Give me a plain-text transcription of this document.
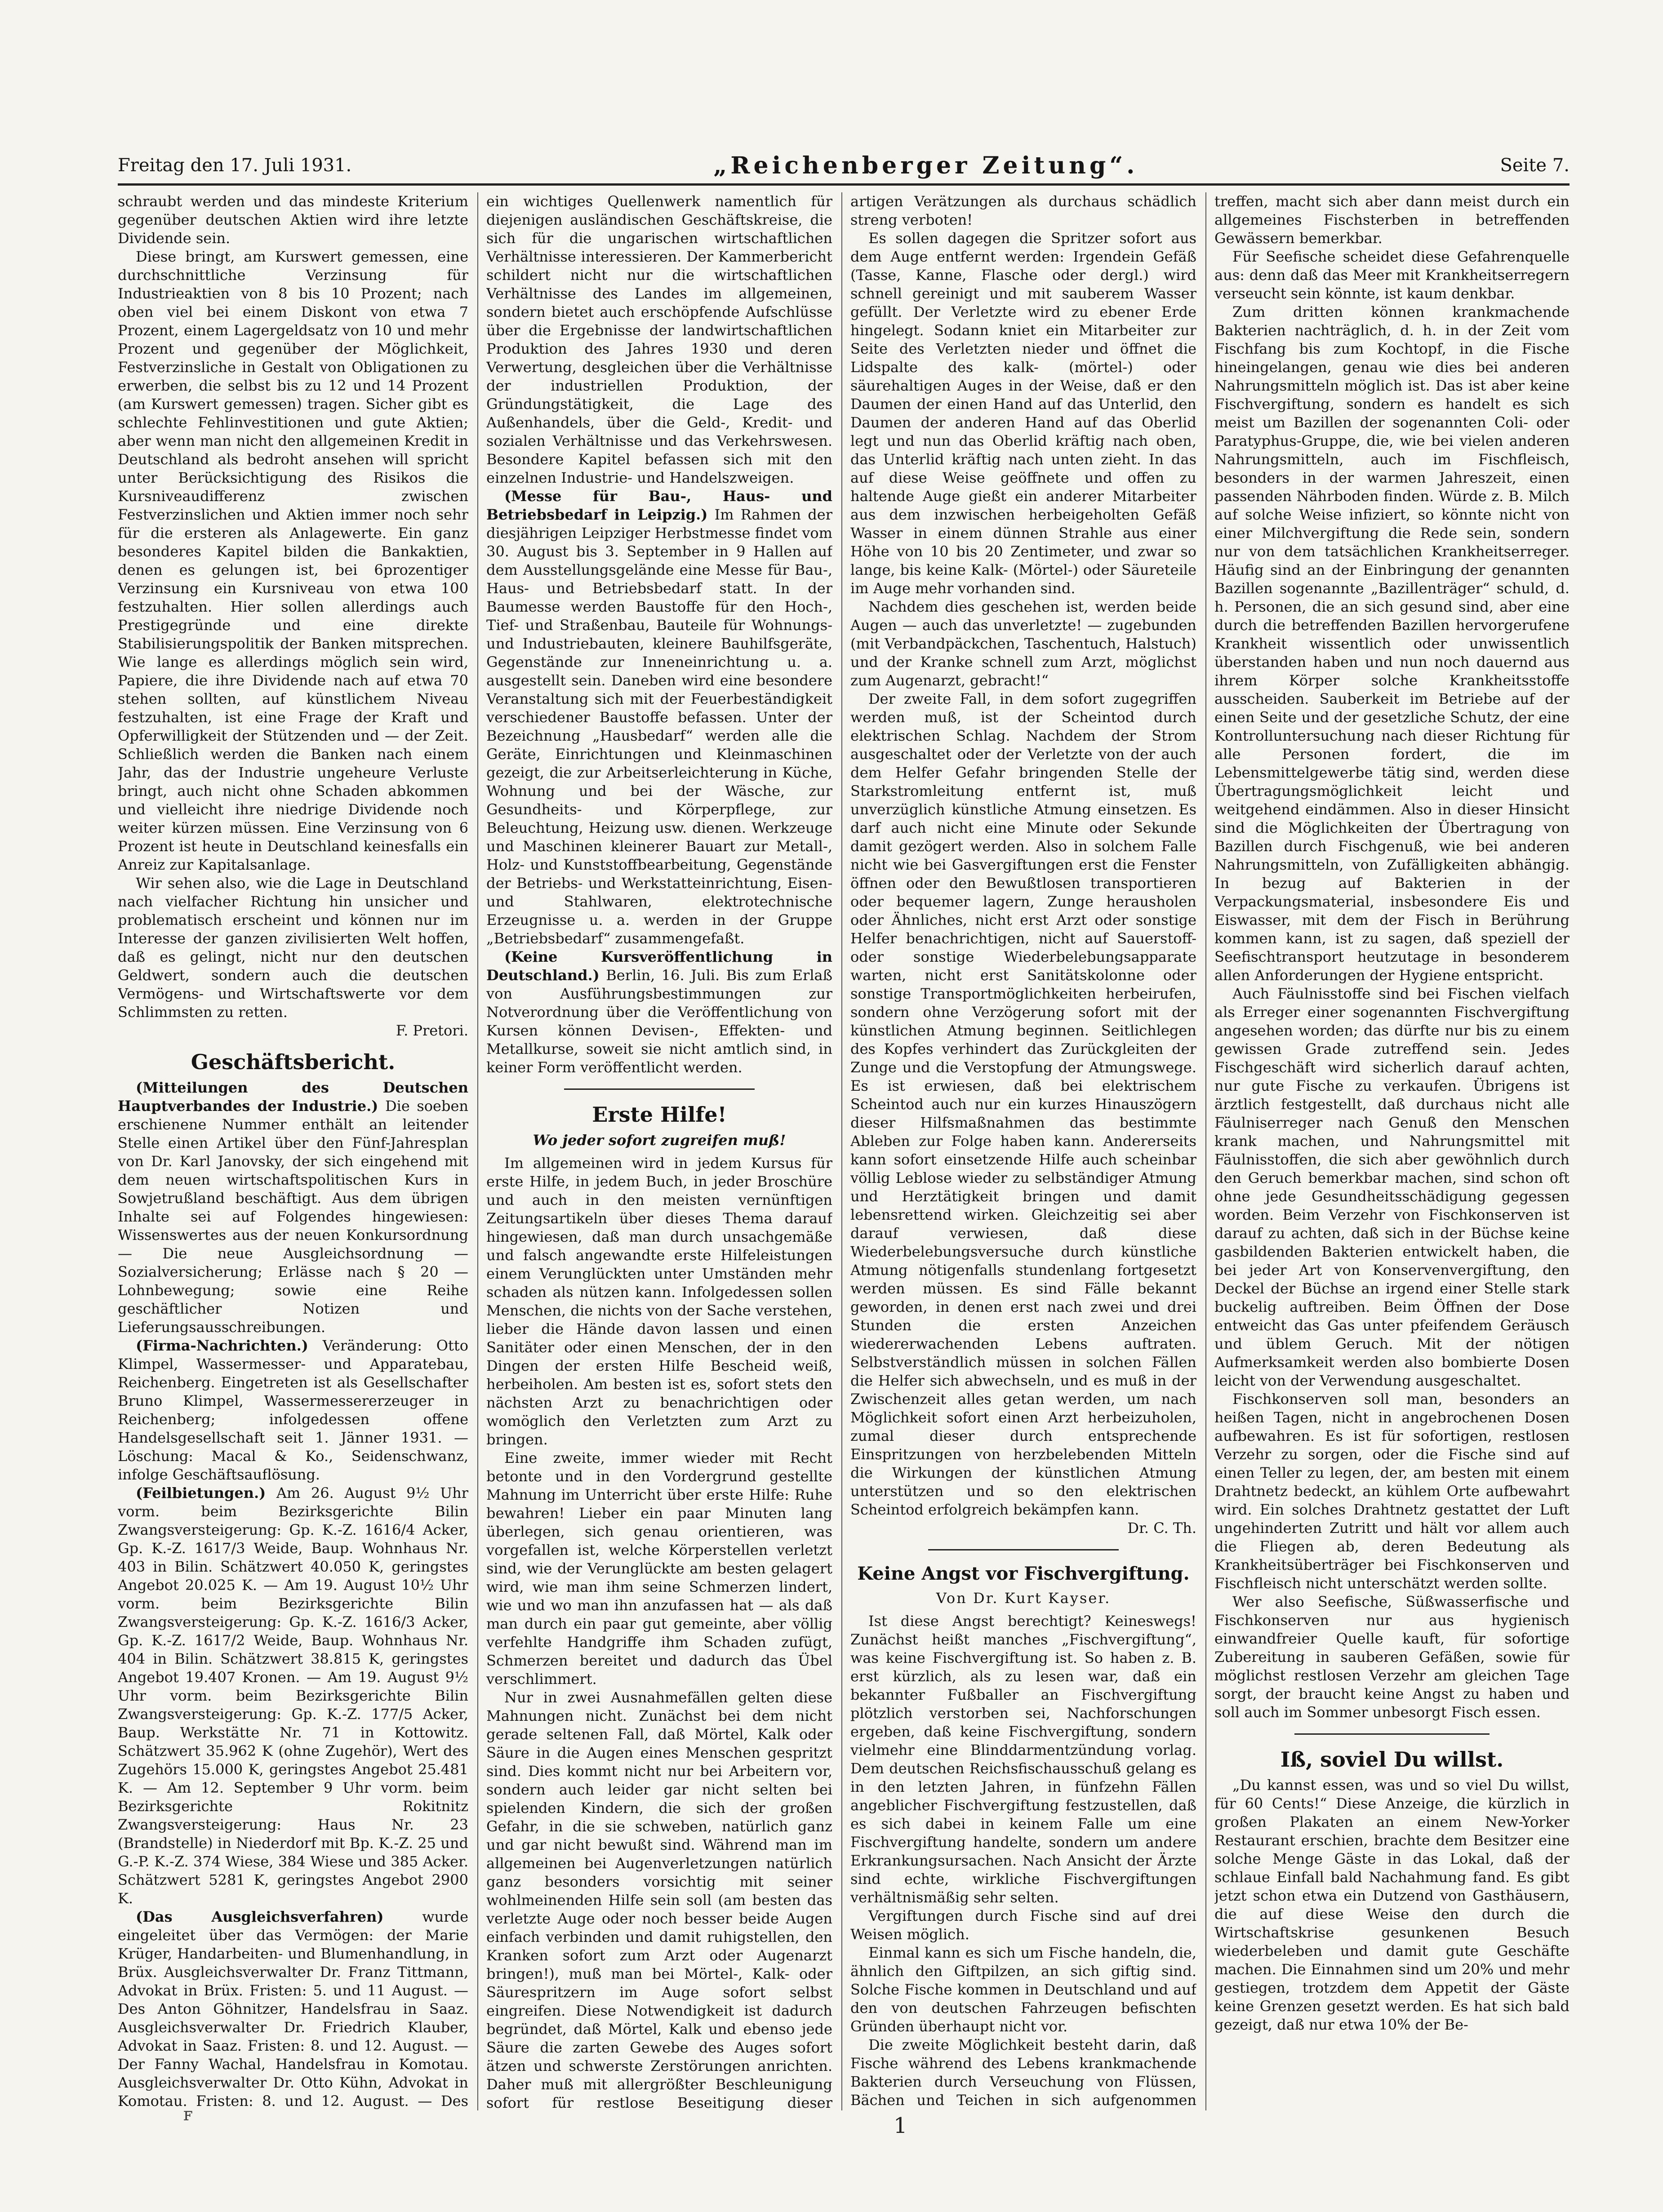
Freitag den 17. Juli 1931.	„Reichenberger Zeitung“.	Seite 7.

schraubt werden und das mindeste Kriterium gegenüber deutschen Aktien wird ihre letzte Dividende sein.

Diese bringt, am Kurswert gemessen, eine durchschnittliche Verzinsung für Industrieaktien von 8 bis 10 Prozent; nach oben viel bei einem Diskont von etwa 7 Prozent, einem Lagergeldsatz von 10 und mehr Prozent und gegenüber der Möglichkeit, Festverzinsliche in Gestalt von Obligationen zu erwerben, die selbst bis zu 12 und 14 Prozent (am Kurswert gemessen) tragen. Sicher gibt es schlechte Fehlinvestitionen und gute Aktien; aber wenn man nicht den allgemeinen Kredit in Deutschland als bedroht ansehen will spricht unter Berücksichtigung des Risikos die Kursniveaudifferenz zwischen Festverzinslichen und Aktien immer noch sehr für die ersteren als Anlagewerte. Ein ganz besonderes Kapitel bilden die Bankaktien, denen es gelungen ist, bei 6prozentiger Verzinsung ein Kursniveau von etwa 100 festzuhalten. Hier sollen allerdings auch Prestigegründe und eine direkte Stabilisierungspolitik der Banken mitsprechen. Wie lange es allerdings möglich sein wird, Papiere, die ihre Dividende nach auf etwa 70 stehen sollten, auf künstlichem Niveau festzuhalten, ist eine Frage der Kraft und Opferwilligkeit der Stützenden und — der Zeit. Schließlich werden die Banken nach einem Jahr, das der Industrie ungeheure Verluste bringt, auch nicht ohne Schaden abkommen und vielleicht ihre niedrige Dividende noch weiter kürzen müssen. Eine Verzinsung von 6 Prozent ist heute in Deutschland keinesfalls ein Anreiz zur Kapitalsanlage.

Wir sehen also, wie die Lage in Deutschland nach vielfacher Richtung hin unsicher und problematisch erscheint und können nur im Interesse der ganzen zivilisierten Welt hoffen, daß es gelingt, nicht nur den deutschen Geldwert, sondern auch die deutschen Vermögens- und Wirtschaftswerte vor dem Schlimmsten zu retten.

F. Pretori.

Geschäftsbericht.

(Mitteilungen des Deutschen Hauptverbandes der Industrie.) Die soeben erschienene Nummer enthält an leitender Stelle einen Artikel über den Fünf-Jahresplan von Dr. Karl Janovsky, der sich eingehend mit dem neuen wirtschaftspolitischen Kurs in Sowjetrußland beschäftigt. Aus dem übrigen Inhalte sei auf Folgendes hingewiesen: Wissenswertes aus der neuen Konkursordnung — Die neue Ausgleichsordnung — Sozialversicherung; Erlässe nach § 20 — Lohnbewegung; sowie eine Reihe geschäftlicher Notizen und Lieferungsausschreibungen.

(Firma-Nachrichten.) Veränderung: Otto Klimpel, Wassermesser- und Apparatebau, Reichenberg. Eingetreten ist als Gesellschafter Bruno Klimpel, Wassermessererzeuger in Reichenberg; infolgedessen offene Handelsgesellschaft seit 1. Jänner 1931. — Löschung: Macal & Ko., Seidenschwanz, infolge Geschäftsauflösung.

(Feilbietungen.) Am 26. August 9½ Uhr vorm. beim Bezirksgerichte Bilin Zwangsversteigerung: Gp. K.-Z. 1616/4 Acker, Gp. K.-Z. 1617/3 Weide, Baup. Wohnhaus Nr. 403 in Bilin. Schätzwert 40.050 K, geringstes Angebot 20.025 K. — Am 19. August 10½ Uhr vorm. beim Bezirksgerichte Bilin Zwangsversteigerung: Gp. K.-Z. 1616/3 Acker, Gp. K.-Z. 1617/2 Weide, Baup. Wohnhaus Nr. 404 in Bilin. Schätzwert 38.815 K, geringstes Angebot 19.407 Kronen. — Am 19. August 9½ Uhr vorm. beim Bezirksgerichte Bilin Zwangsversteigerung: Gp. K.-Z. 177/5 Acker, Baup. Werkstätte Nr. 71 in Kottowitz. Schätzwert 35.962 K (ohne Zugehör), Wert des Zugehörs 15.000 K, geringstes Angebot 25.481 K. — Am 12. September 9 Uhr vorm. beim Bezirksgerichte Rokitnitz Zwangsversteigerung: Haus Nr. 23 (Brandstelle) in Niederdorf mit Bp. K.-Z. 25 und G.-P. K.-Z. 374 Wiese, 384 Wiese und 385 Acker. Schätzwert 5281 K, geringstes Angebot 2900 K.

(Das Ausgleichsverfahren)	wurde eingeleitet über das Vermögen: der Marie Krüger, Handarbeiten- und Blumenhandlung, in Brüx. Ausgleichsverwalter Dr. Franz Tittmann, Advokat in Brüx. Fristen: 5. und 11 August. — Des Anton Göhnitzer, Handelsfrau in Saaz. Ausgleichsverwalter Dr. Friedrich Klauber, Advokat in Saaz. Fristen: 8. und 12. August. — Der Fanny Wachal, Handelsfrau in Komotau. Ausgleichsverwalter Dr. Otto Kühn, Advokat in Komotau. Fristen: 8. und 12. August. — Des

ein wichtiges Quellenwerk namentlich für diejenigen ausländischen Geschäftskreise, die sich für die ungarischen wirtschaftlichen Verhältnisse interessieren. Der Kammerbericht schildert nicht nur die wirtschaftlichen Verhältnisse des Landes im allgemeinen, sondern bietet auch erschöpfende Aufschlüsse über die Ergebnisse der landwirtschaftlichen Produktion des Jahres 1930 und deren Verwertung, desgleichen über die Verhältnisse der industriellen Produktion, der Gründungstätigkeit, die Lage des Außenhandels, über die Geld-, Kredit- und sozialen Verhältnisse und das Verkehrswesen. Besondere Kapitel befassen sich mit den einzelnen Industrie- und Handelszweigen.

(Messe für Bau-, Haus- und Betriebsbedarf in Leipzig.) Im Rahmen der diesjährigen Leipziger Herbstmesse findet vom 30. August bis 3. September in 9 Hallen auf dem Ausstellungsgelände eine Messe für Bau-, Haus- und Betriebsbedarf statt. In der Baumesse werden Baustoffe für den Hoch-, Tief- und Straßenbau, Bauteile für Wohnungs- und Industriebauten, kleinere Bauhilfsgeräte, Gegenstände zur Inneneinrichtung u. a. ausgestellt sein. Daneben wird eine besondere Veranstaltung sich mit der Feuerbeständigkeit verschiedener Baustoffe befassen. Unter der Bezeichnung „Hausbedarf“ werden alle die Geräte, Einrichtungen und Kleinmaschinen gezeigt, die zur Arbeitserleichterung in Küche, Wohnung und bei der Wäsche, zur Gesundheits- und Körperpflege, zur Beleuchtung, Heizung usw. dienen. Werkzeuge und Maschinen kleinerer Bauart zur Metall-, Holz- und Kunststoffbearbeitung, Gegenstände der Betriebs- und Werkstatteinrichtung, Eisen- und Stahlwaren, elektrotechnische Erzeugnisse u. a. werden in der Gruppe „Betriebsbedarf“ zusammengefaßt.

(Keine Kursveröffentlichung in Deutschland.) Berlin, 16. Juli. Bis zum Erlaß von Ausführungsbestimmungen zur Notverordnung über die Veröffentlichung von Kursen können Devisen-, Effekten- und Metallkurse, soweit sie nicht amtlich sind, in keiner Form veröffentlicht werden.

Erste Hilfe!

Wo jeder sofort zugreifen muß!

Im allgemeinen wird in jedem Kursus für erste Hilfe, in jedem Buch, in jeder Broschüre und auch in den meisten vernünftigen Zeitungsartikeln über dieses Thema darauf hingewiesen, daß man durch unsachgemäße und falsch angewandte erste Hilfeleistungen einem Verunglückten unter Umständen mehr schaden als nützen kann. Infolgedessen sollen Menschen, die nichts von der Sache verstehen, lieber die Hände davon lassen und einen Sanitäter oder einen Menschen, der in den Dingen der ersten Hilfe Bescheid weiß, herbeiholen. Am besten ist es, sofort stets den nächsten Arzt zu benachrichtigen oder womöglich den Verletzten zum Arzt zu bringen.

Eine zweite, immer wieder mit Recht betonte und in den Vordergrund gestellte Mahnung im Unterricht über erste Hilfe: Ruhe bewahren! Lieber ein paar Minuten lang überlegen, sich genau orientieren, was vorgefallen ist, welche Körperstellen verletzt sind, wie der Verunglückte am besten gelagert wird, wie man ihm seine Schmerzen lindert, wie und wo man ihn anzufassen hat — als daß man durch ein paar gut gemeinte, aber völlig verfehlte Handgriffe ihm Schaden zufügt, Schmerzen bereitet und dadurch das Übel verschlimmert.

Nur in zwei Ausnahmefällen gelten diese Mahnungen nicht. Zunächst bei dem nicht gerade seltenen Fall, daß Mörtel, Kalk oder Säure in die Augen eines Menschen gespritzt sind. Dies kommt nicht nur bei Arbeitern vor, sondern auch leider gar nicht selten bei spielenden Kindern, die sich der großen Gefahr, in die sie schweben, natürlich ganz und gar nicht bewußt sind. Während man im allgemeinen bei Augenverletzungen natürlich ganz besonders vorsichtig mit seiner wohlmeinenden Hilfe sein soll (am besten das verletzte Auge oder noch besser beide Augen einfach verbinden und damit ruhigstellen, den Kranken sofort zum Arzt oder Augenarzt bringen!), muß man bei Mörtel-, Kalk- oder Säurespritzern im Auge sofort selbst eingreifen. Diese Notwendigkeit ist dadurch begründet, daß Mörtel, Kalk und ebenso jede Säure die zarten Gewebe des Auges sofort ätzen und schwerste Zerstörungen anrichten. Daher muß mit allergrößter Beschleunigung sofort für restlose Beseitigung dieser

artigen Verätzungen als durchaus schädlich streng verboten!

Es sollen dagegen die Spritzer sofort aus dem Auge entfernt werden: Irgendein Gefäß (Tasse, Kanne, Flasche oder dergl.) wird schnell gereinigt und mit sauberem Wasser gefüllt. Der Verletzte wird zu ebener Erde hingelegt. Sodann kniet ein Mitarbeiter zur Seite des Verletzten nieder und öffnet die Lidspalte des kalk- (mörtel-) oder säurehaltigen Auges in der Weise, daß er den Daumen der einen Hand auf das Unterlid, den Daumen der anderen Hand auf das Oberlid legt und nun das Oberlid kräftig nach oben, das Unterlid kräftig nach unten zieht. In das auf diese Weise geöffnete und offen zu haltende Auge gießt ein anderer Mitarbeiter aus dem inzwischen herbeigeholten Gefäß Wasser in einem dünnen Strahle aus einer Höhe von 10 bis 20 Zentimeter, und zwar so lange, bis keine Kalk- (Mörtel-) oder Säureteile im Auge mehr vorhanden sind.

Nachdem dies geschehen ist, werden beide Augen — auch das unverletzte! — zugebunden (mit Verbandpäckchen, Taschentuch, Halstuch) und der Kranke schnell zum Arzt, möglichst zum Augenarzt, gebracht!“

Der zweite Fall, in dem sofort zugegriffen werden muß, ist der Scheintod durch elektrischen Schlag. Nachdem der Strom ausgeschaltet oder der Verletzte von der auch dem Helfer Gefahr bringenden Stelle der Starkstromleitung entfernt ist, muß unverzüglich künstliche Atmung einsetzen. Es darf auch nicht eine Minute oder Sekunde damit gezögert werden. Also in solchem Falle nicht wie bei Gasvergiftungen erst die Fenster öffnen oder den Bewußtlosen transportieren oder bequemer lagern, Zunge herausholen oder Ähnliches, nicht erst Arzt oder sonstige Helfer benachrichtigen, nicht auf Sauerstoff- oder sonstige Wiederbelebungsapparate warten, nicht erst Sanitätskolonne oder sonstige Transportmöglichkeiten herbeirufen, sondern ohne Verzögerung sofort mit der künstlichen Atmung beginnen. Seitlichlegen des Kopfes verhindert das Zurückgleiten der Zunge und die Verstopfung der Atmungswege. Es ist erwiesen, daß bei elektrischem Scheintod auch nur ein kurzes Hinauszögern dieser Hilfsmaßnahmen das bestimmte Ableben zur Folge haben kann. Andererseits kann sofort einsetzende Hilfe auch scheinbar völlig Leblose wieder zu selbständiger Atmung und Herztätigkeit bringen und damit lebensrettend wirken. Gleichzeitig sei aber darauf verwiesen, daß diese Wiederbelebungsversuche durch künstliche Atmung nötigenfalls stundenlang fortgesetzt werden müssen. Es sind Fälle bekannt geworden, in denen erst nach zwei und drei Stunden die ersten Anzeichen wiedererwachenden Lebens auftraten. Selbstverständlich müssen in solchen Fällen die Helfer sich abwechseln, und es muß in der Zwischenzeit alles getan werden, um nach Möglichkeit sofort einen Arzt herbeizuholen, zumal dieser durch entsprechende Einspritzungen von herzbelebenden Mitteln die Wirkungen der künstlichen Atmung unterstützen und so den elektrischen Scheintod erfolgreich bekämpfen kann.

Dr. C. Th.

Keine Angst vor Fischvergiftung.

Von Dr. Kurt Kayser.

Ist diese Angst berechtigt? Keineswegs! Zunächst heißt manches „Fischvergiftung“, was keine Fischvergiftung ist. So haben z. B. erst kürzlich, als zu lesen war, daß ein bekannter Fußballer an Fischvergiftung plötzlich verstorben sei, Nachforschungen ergeben, daß keine Fischvergiftung, sondern vielmehr eine Blinddarmentzündung vorlag. Dem deutschen Reichsfischausschuß gelang es in den letzten Jahren, in fünfzehn Fällen angeblicher Fischvergiftung festzustellen, daß es sich dabei in keinem Falle um eine Fischvergiftung handelte, sondern um andere Erkrankungsursachen. Nach Ansicht der Ärzte sind echte, wirkliche Fischvergiftungen verhältnismäßig sehr selten.

Vergiftungen durch Fische sind auf drei Weisen möglich.

Einmal kann es sich um Fische handeln, die, ähnlich den Giftpilzen, an sich giftig sind. Solche Fische kommen in Deutschland und auf den von deutschen Fahrzeugen befischten Gründen überhaupt nicht vor.

Die zweite Möglichkeit besteht darin, daß Fische während des Lebens krankmachende Bakterien durch Verseuchung von Flüssen, Bächen und Teichen in sich aufgenommen

treffen, macht sich aber dann meist durch ein allgemeines Fischsterben in betreffenden Gewässern bemerkbar.

Für Seefische scheidet diese Gefahrenquelle aus: denn daß das Meer mit Krankheitserregern verseucht sein könnte, ist kaum denkbar.

Zum dritten können krankmachende Bakterien nachträglich, d. h. in der Zeit vom Fischfang bis zum Kochtopf, in die Fische hineingelangen, genau wie dies bei anderen Nahrungsmitteln möglich ist. Das ist aber keine Fischvergiftung, sondern es handelt es sich meist um Bazillen der sogenannten Coli- oder Paratyphus-Gruppe, die, wie bei vielen anderen Nahrungsmitteln, auch im Fischfleisch, besonders in der warmen Jahreszeit, einen passenden Nährboden finden. Würde z. B. Milch auf solche Weise infiziert, so könnte nicht von einer Milchvergiftung die Rede sein, sondern nur von dem tatsächlichen Krankheitserreger. Häufig sind an der Einbringung der genannten Bazillen sogenannte „Bazillenträger“ schuld, d. h. Personen, die an sich gesund sind, aber eine durch die betreffenden Bazillen hervorgerufene Krankheit wissentlich oder unwissentlich überstanden haben und nun noch dauernd aus ihrem Körper solche Krankheitsstoffe ausscheiden. Sauberkeit im Betriebe auf der einen Seite und der gesetzliche Schutz, der eine Kontrolluntersuchung nach dieser Richtung für alle Personen fordert, die im Lebensmittelgewerbe tätig sind, werden diese Übertragungsmöglichkeit leicht und weitgehend eindämmen. Also in dieser Hinsicht sind die Möglichkeiten der Übertragung von Bazillen durch Fischgenuß, wie bei anderen Nahrungsmitteln, von Zufälligkeiten abhängig. In bezug auf Bakterien in der Verpackungsmaterial, insbesondere Eis und Eiswasser, mit dem der Fisch in Berührung kommen kann, ist zu sagen, daß speziell der Seefischtransport heutzutage in besonderem allen Anforderungen der Hygiene entspricht.

Auch Fäulnisstoffe sind bei Fischen vielfach als Erreger einer sogenannten Fischvergiftung angesehen worden; das dürfte nur bis zu einem gewissen Grade zutreffend sein. Jedes Fischgeschäft wird sicherlich darauf achten, nur gute Fische zu verkaufen. Übrigens ist ärztlich festgestellt, daß durchaus nicht alle Fäulniserreger nach Genuß den Menschen krank machen, und Nahrungsmittel mit Fäulnisstoffen, die sich aber gewöhnlich durch den Geruch bemerkbar machen, sind schon oft ohne jede Gesundheitsschädigung gegessen worden. Beim Verzehr von Fischkonserven ist darauf zu achten, daß sich in der Büchse keine gasbildenden Bakterien entwickelt haben, die bei jeder Art von Konservenvergiftung, den Deckel der Büchse an irgend einer Stelle stark buckelig auftreiben. Beim Öffnen der Dose entweicht das Gas unter pfeifendem Geräusch und üblem Geruch. Mit der nötigen Aufmerksamkeit werden also bombierte Dosen leicht von der Verwendung ausgeschaltet.

Fischkonserven soll man, besonders an heißen Tagen, nicht in angebrochenen Dosen aufbewahren. Es ist für sofortigen, restlosen Verzehr zu sorgen, oder die Fische sind auf einen Teller zu legen, der, am besten mit einem Drahtnetz bedeckt, an kühlem Orte aufbewahrt wird. Ein solches Drahtnetz gestattet der Luft ungehinderten Zutritt und hält vor allem auch die Fliegen ab, deren Bedeutung als Krankheitsüberträger bei Fischkonserven und Fischfleisch nicht unterschätzt werden sollte.

Wer also Seefische, Süßwasserfische und Fischkonserven nur aus hygienisch einwandfreier Quelle kauft, für sofortige Zubereitung in sauberen Gefäßen, sowie für möglichst restlosen Verzehr am gleichen Tage sorgt, der braucht keine Angst zu haben und soll auch im Sommer unbesorgt Fisch essen.

Iß, soviel Du willst.

„Du kannst essen, was und so viel Du willst, für 60 Cents!“ Diese Anzeige, die kürzlich in großen Plakaten an einem New-Yorker Restaurant erschien, brachte dem Besitzer eine solche Menge Gäste in das Lokal, daß der schlaue Einfall bald Nachahmung fand. Es gibt jetzt schon etwa ein Dutzend von Gasthäusern, die auf diese Weise den durch die Wirtschaftskrise gesunkenen Besuch wiederbeleben und damit gute Geschäfte machen. Die Einnahmen sind um 20% und mehr gestiegen, trotzdem dem Appetit der Gäste keine Grenzen gesetzt werden. Es hat sich bald gezeigt, daß nur etwa 10% der Be-

ꜰ	1
